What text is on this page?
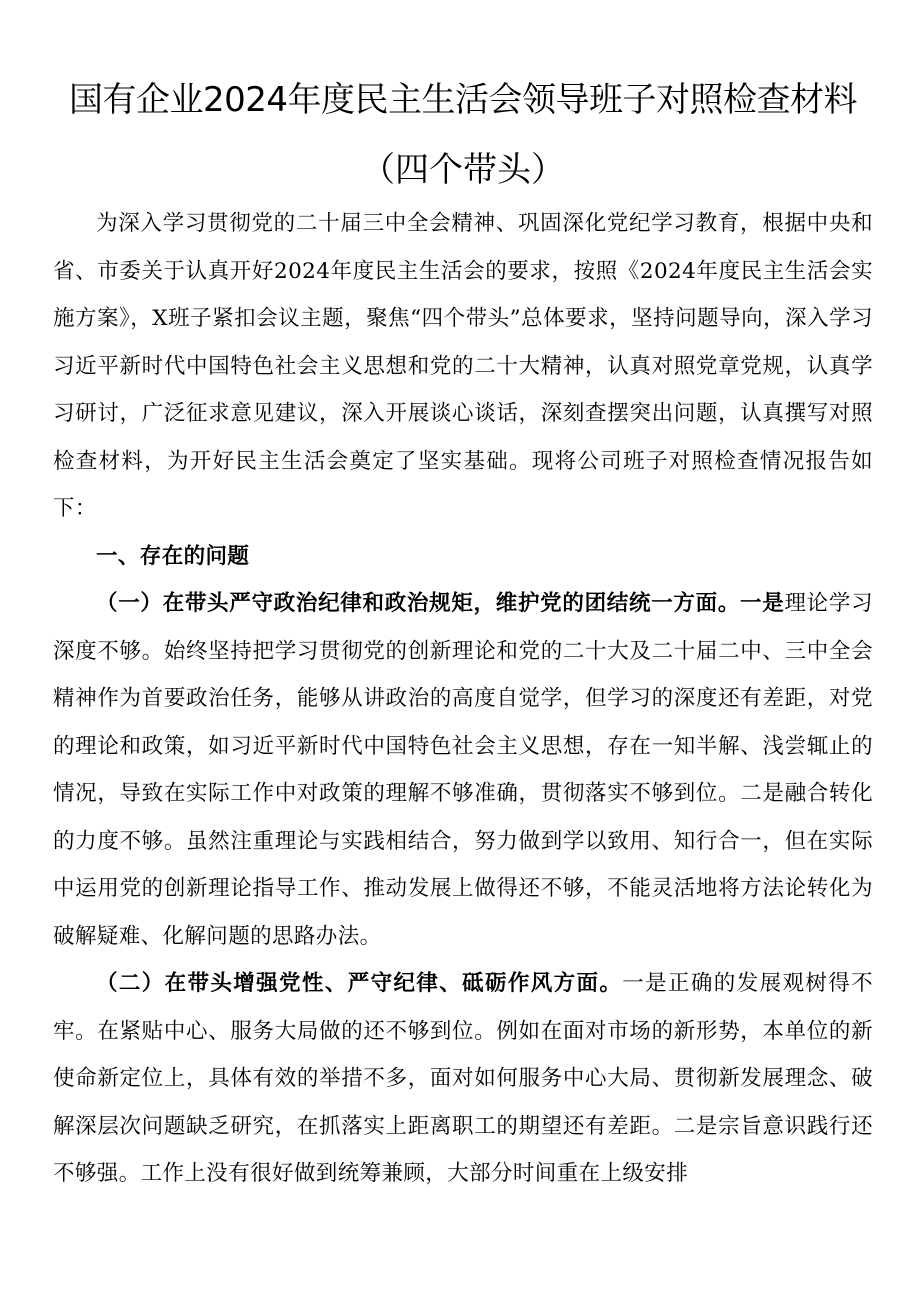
国有企业2024年度民主生活会领导班子对照检查材料
（四个带头）

为深入学习贯彻党的二十届三中全会精神、巩固深化党纪学习教育，根据中央和省、市委关于认真开好2024年度民主生活会的要求，按照《2024年度民主生活会实施方案》，X班子紧扣会议主题，聚焦“四个带头”总体要求，坚持问题导向，深入学习习近平新时代中国特色社会主义思想和党的二十大精神，认真对照党章党规，认真学习研讨，广泛征求意见建议，深入开展谈心谈话，深刻查摆突出问题，认真撰写对照检查材料，为开好民主生活会奠定了坚实基础。现将公司班子对照检查情况报告如下：

一、存在的问题

（一）在带头严守政治纪律和政治规矩，维护党的团结统一方面。一是理论学习深度不够。始终坚持把学习贯彻党的创新理论和党的二十大及二十届二中、三中全会精神作为首要政治任务，能够从讲政治的高度自觉学，但学习的深度还有差距，对党的理论和政策，如习近平新时代中国特色社会主义思想，存在一知半解、浅尝辄止的情况，导致在实际工作中对政策的理解不够准确，贯彻落实不够到位。二是融合转化的力度不够。虽然注重理论与实践相结合，努力做到学以致用、知行合一，但在实际中运用党的创新理论指导工作、推动发展上做得还不够，不能灵活地将方法论转化为破解疑难、化解问题的思路办法。

（二）在带头增强党性、严守纪律、砥砺作风方面。一是正确的发展观树得不牢。在紧贴中心、服务大局做的还不够到位。例如在面对市场的新形势，本单位的新使命新定位上，具体有效的举措不多，面对如何服务中心大局、贯彻新发展理念、破解深层次问题缺乏研究，在抓落实上距离职工的期望还有差距。二是宗旨意识践行还不够强。工作上没有很好做到统筹兼顾，大部分时间重在上级安排
